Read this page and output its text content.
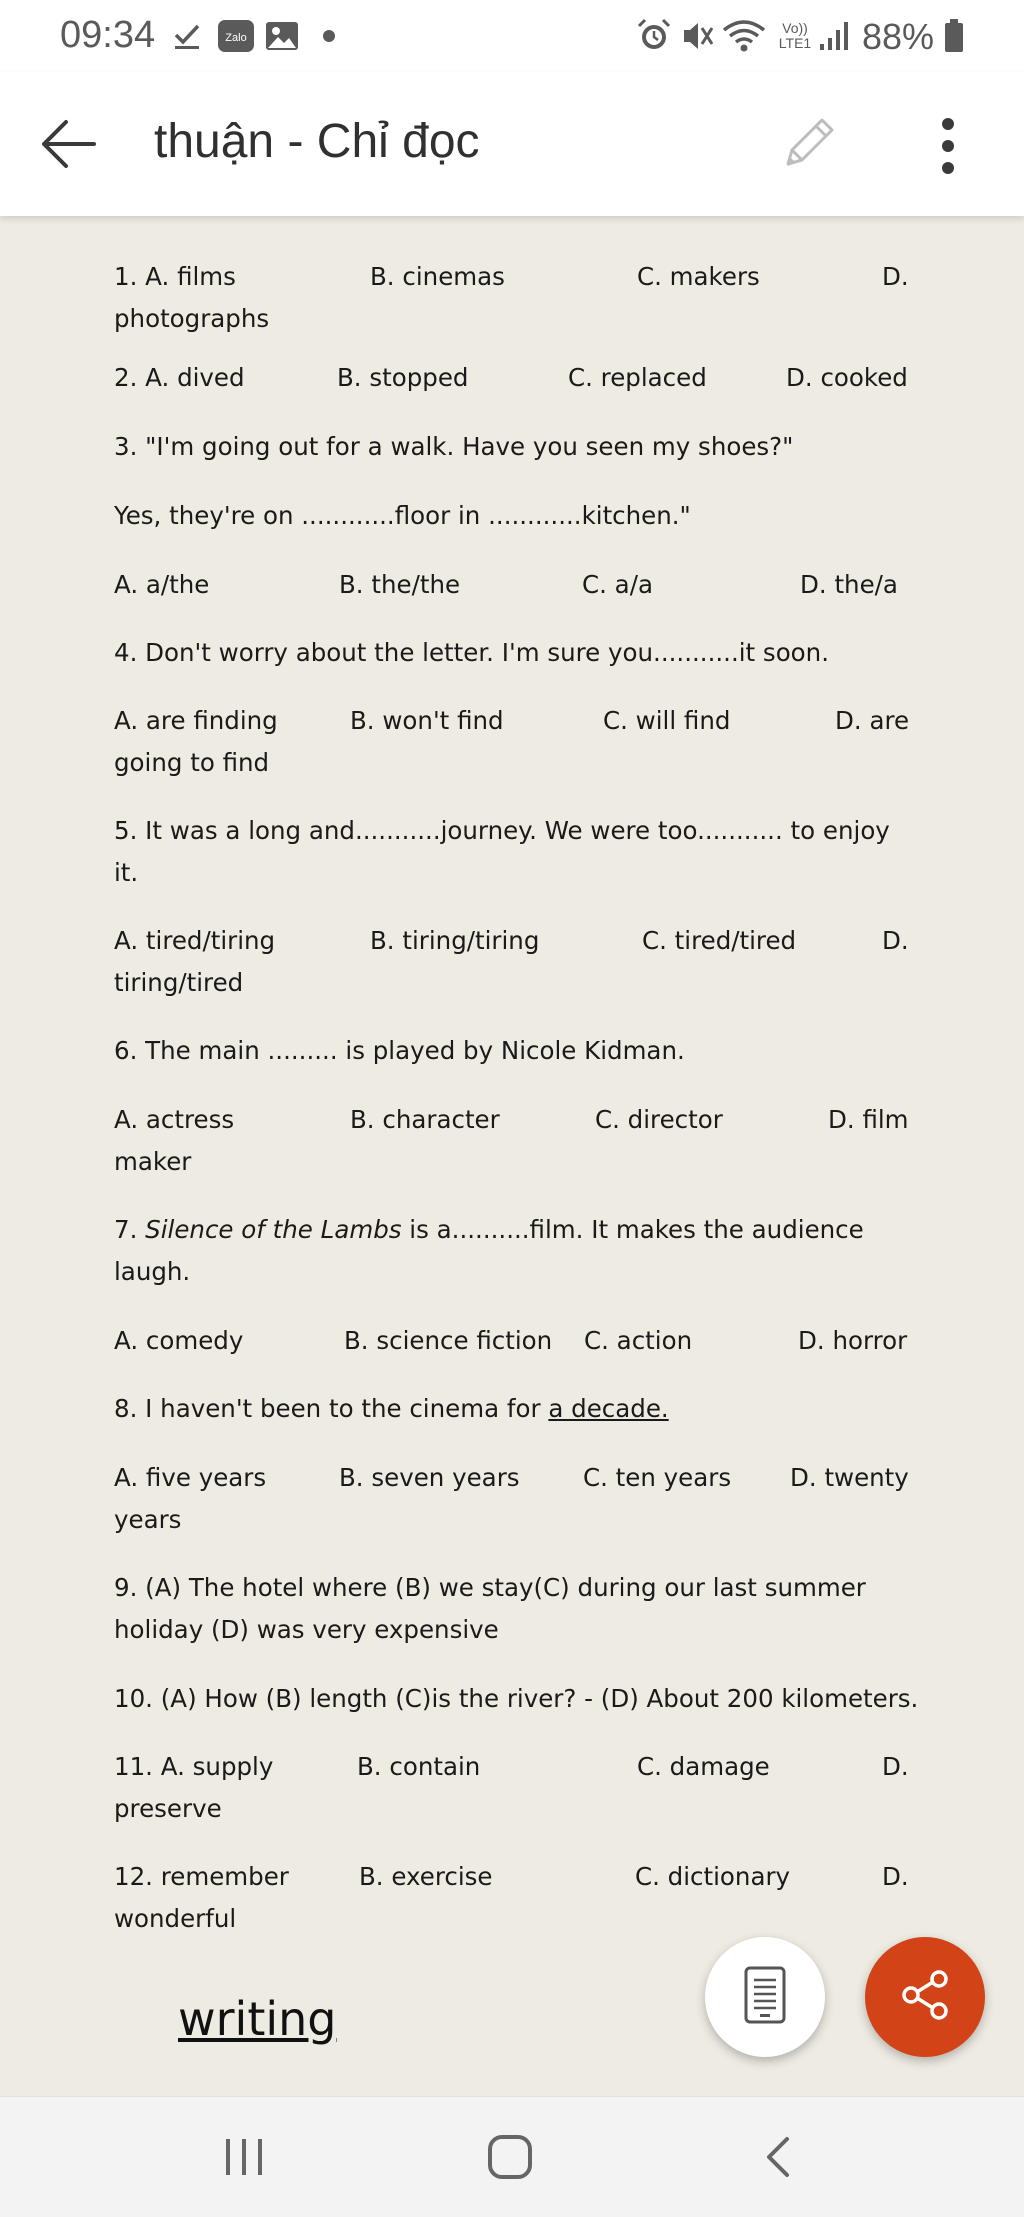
09:34	Zalo
Vo))
LTE1 88%
thuận - Chỉ đọc
1. A. films	B. cinemas	C. makers	D.
photographs
2. A. dived	B. stopped	C. replaced	D. cooked
3. "I'm going out for a walk. Have you seen my shoes?"
Yes, they're on ............floor in ............kitchen."
A. a/the	B. the/the	C. a/a	D. the/a
4. Don't worry about the letter. I'm sure you...........it soon.
A. are finding	B. won't find	C. will find	D. are
going to find
5. It was a long and...........journey. We were too........... to enjoy
it.
A. tired/tiring	B. tiring/tiring	C. tired/tired	D.
tiring/tired
6. The main ......... is played by Nicole Kidman.
A. actress	B. character	C. director	D. film
maker
7. Silence of the Lambs is a..........film. It makes the audience
laugh.
A. comedy	B. science fiction C. action	D. horror
8. I haven't been to the cinema for a decade.
A. five years	B. seven years	C. ten years D. twenty
years
9. (A) The hotel where (B) we stay(C) during our last summer
holiday (D) was very expensive
10. (A) How (B) length (C)is the river? - (D) About 200 kilometers.
11. A. supply	B. contain	C. damage	D.
preserve
12. remember	B. exercise	C. dictionary	D.
wonderful
writing
